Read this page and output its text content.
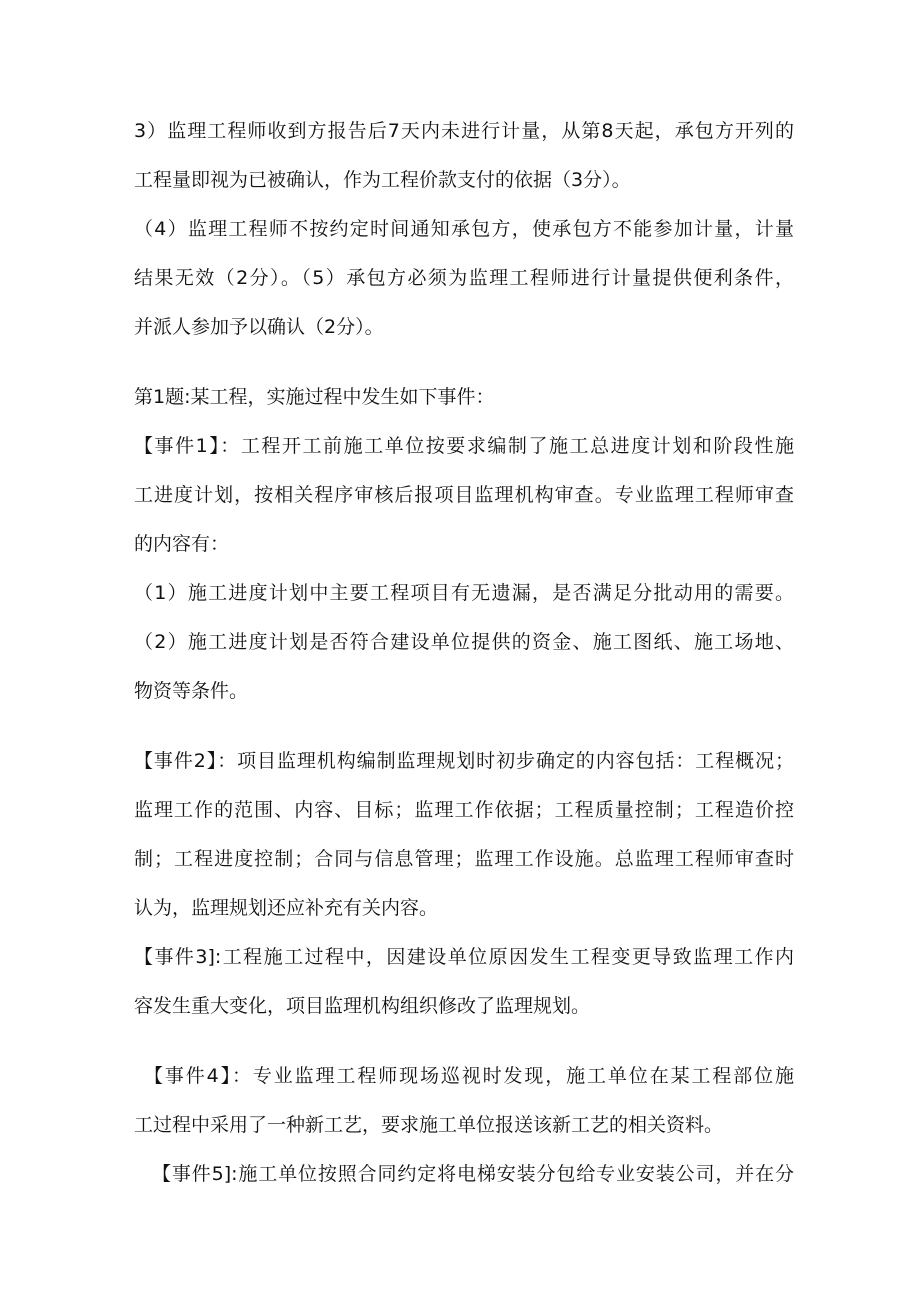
3）监理工程师收到方报告后7天内未进行计量，从第8天起，承包方开列的
工程量即视为已被确认，作为工程价款支付的依据（3分）。
（4）监理工程师不按约定时间通知承包方，使承包方不能参加计量，计量
结果无效（2分）。（5）承包方必须为监理工程师进行计量提供便利条件，
并派人参加予以确认（2分）。
第1题:某工程，实施过程中发生如下事件：
【事件1】：工程开工前施工单位按要求编制了施工总进度计划和阶段性施
工进度计划，按相关程序审核后报项目监理机构审查。专业监理工程师审查
的内容有：
（1）施工进度计划中主要工程项目有无遗漏，是否满足分批动用的需要。
（2）施工进度计划是否符合建设单位提供的资金、施工图纸、施工场地、
物资等条件。
【事件2】：项目监理机构编制监理规划时初步确定的内容包括：工程概况；
监理工作的范围、内容、目标；监理工作依据；工程质量控制；工程造价控
制；工程进度控制；合同与信息管理；监理工作设施。总监理工程师审查时
认为，监理规划还应补充有关内容。
【事件3]:工程施工过程中，因建设单位原因发生工程变更导致监理工作内
容发生重大变化，项目监理机构组织修改了监理规划。
【事件4】：专业监理工程师现场巡视时发现，施工单位在某工程部位施
工过程中采用了一种新工艺，要求施工单位报送该新工艺的相关资料。
【事件5]:施工单位按照合同约定将电梯安装分包给专业安装公司，并在分
